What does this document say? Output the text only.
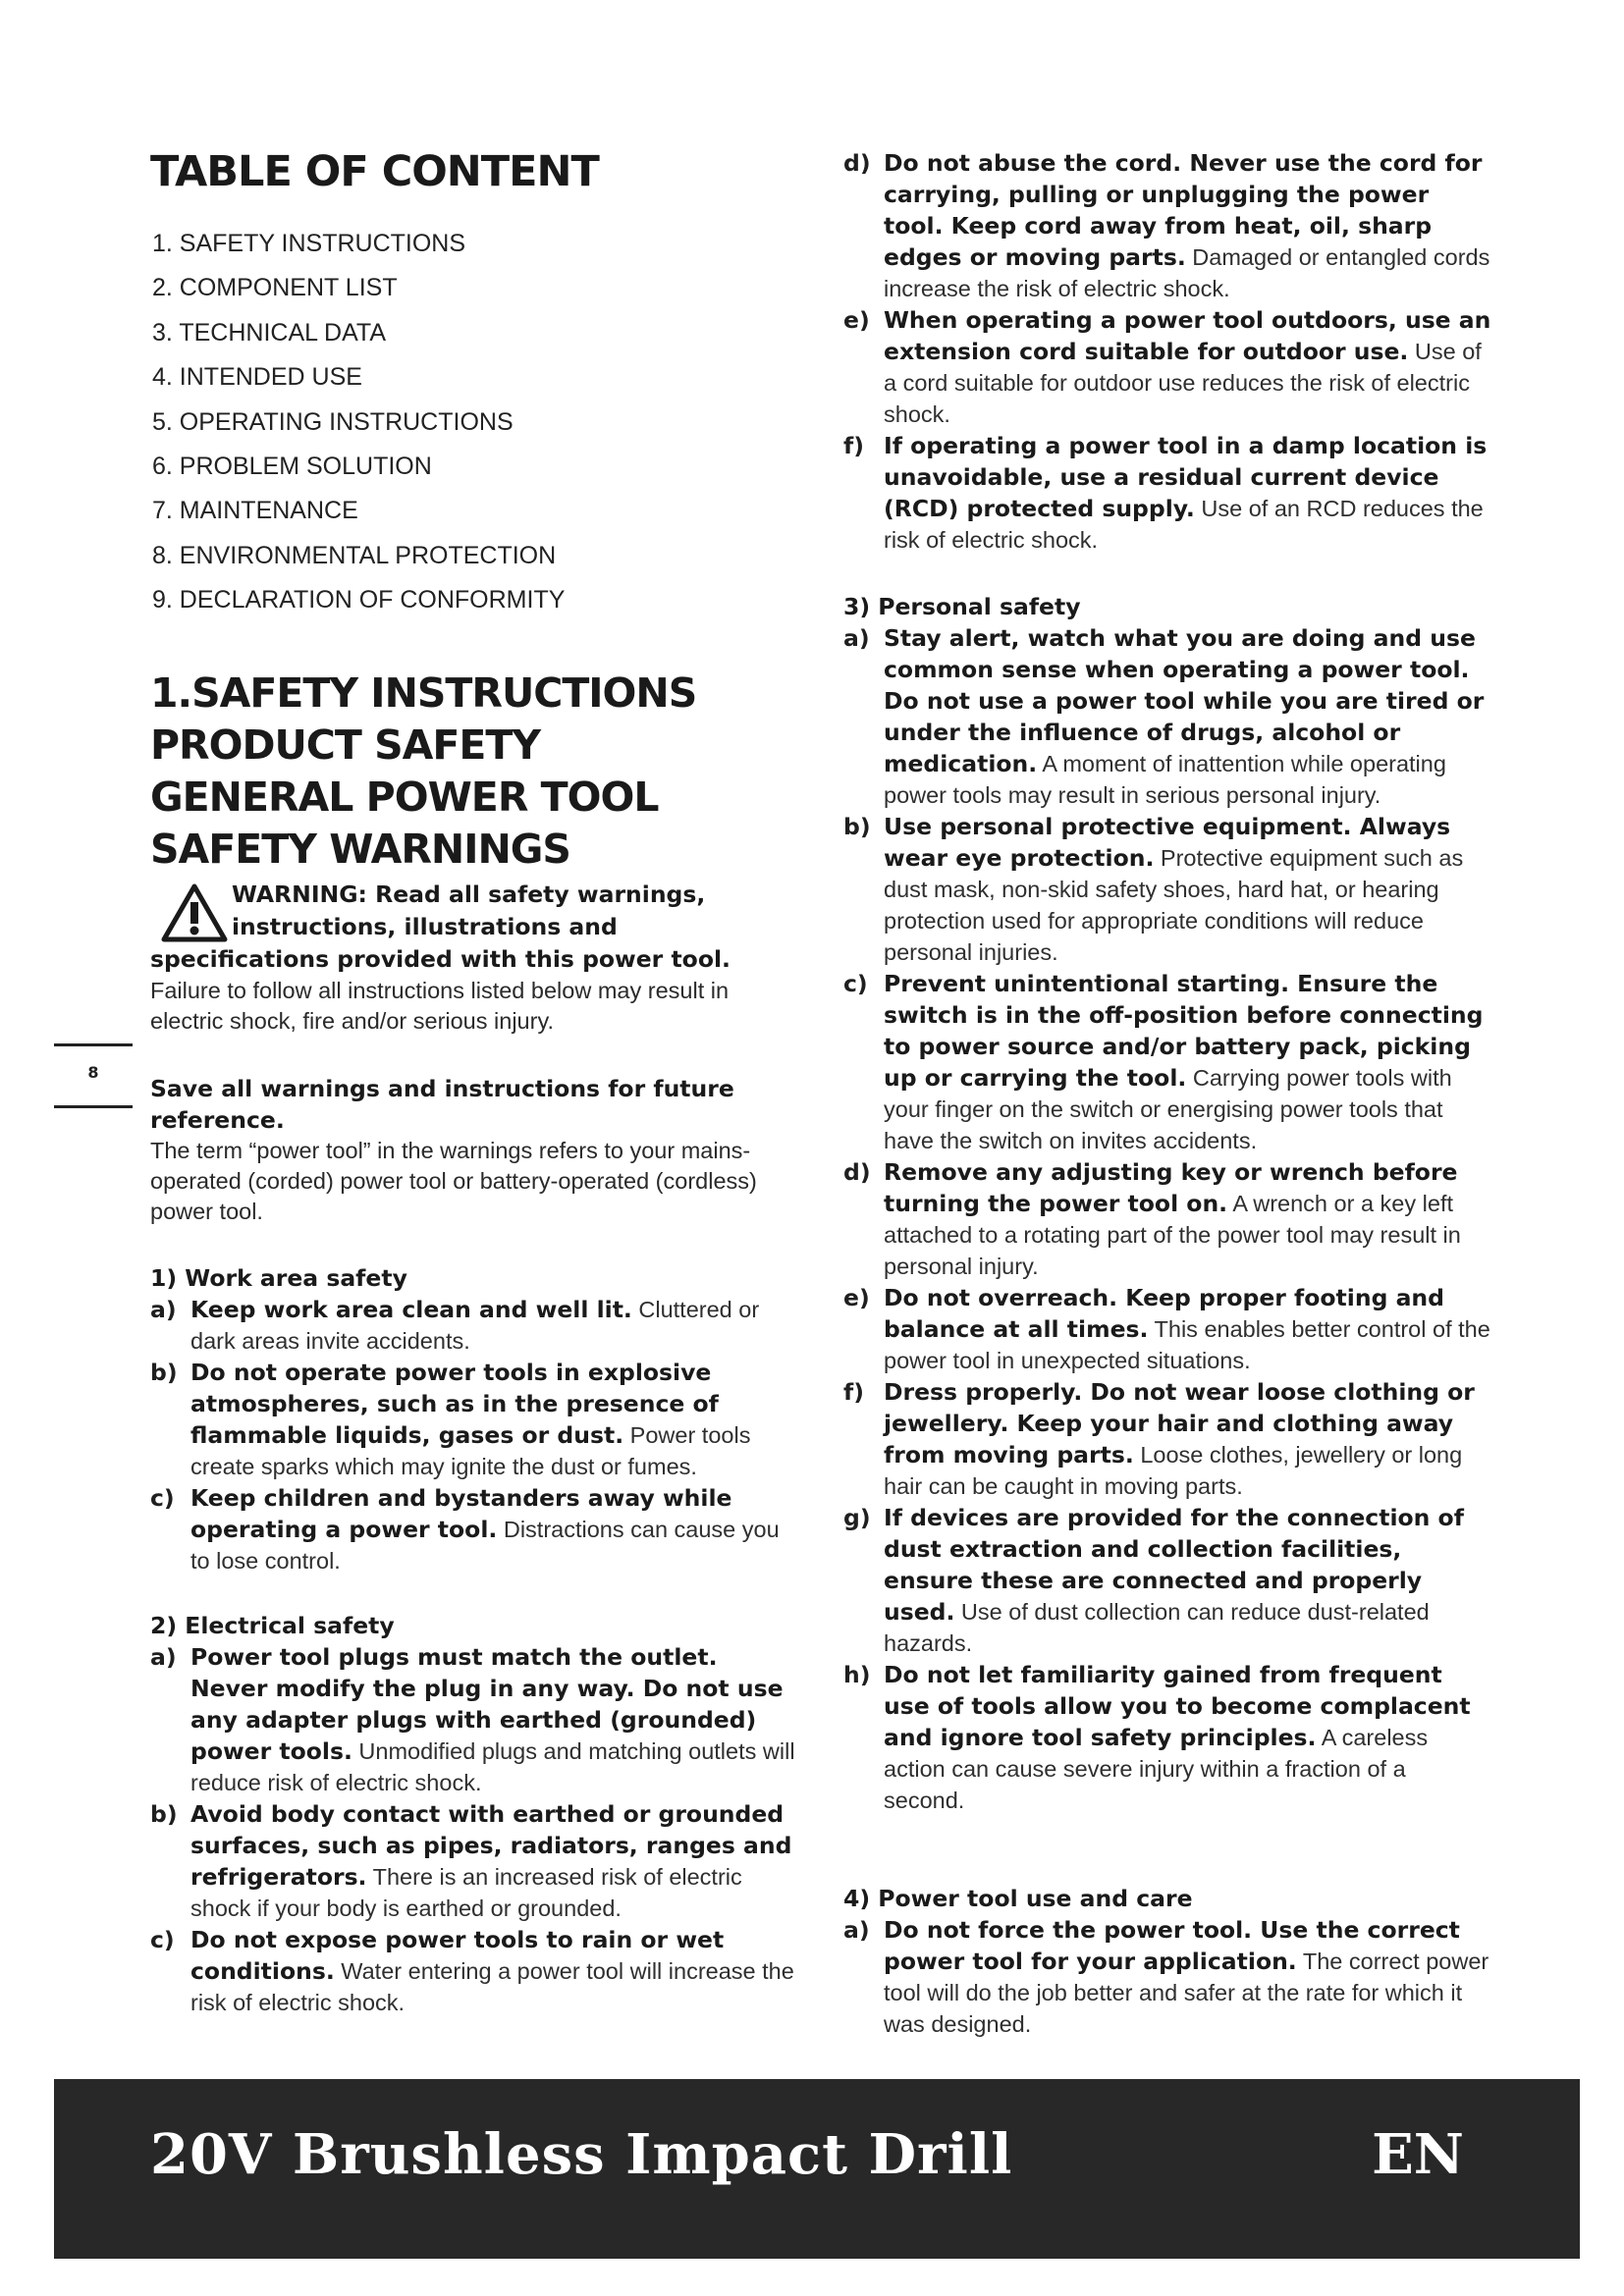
TABLE OF CONTENT
1. SAFETY INSTRUCTIONS
2. COMPONENT LIST
3. TECHNICAL DATA
4. INTENDED USE
5. OPERATING INSTRUCTIONS
6. PROBLEM SOLUTION
7. MAINTENANCE
8. ENVIRONMENTAL PROTECTION
9. DECLARATION OF CONFORMITY
1.SAFETY INSTRUCTIONS
PRODUCT SAFETY
GENERAL POWER TOOL
SAFETY WARNINGS

WARNING: Read all safety warnings,
instructions, illustrations and
specifications provided with this power tool.

Failure to follow all instructions listed below may result in electric shock, fire and/or serious injury.

8

Save all warnings and instructions for future reference.

The term “power tool” in the warnings refers to your mains-operated (corded) power tool or battery-operated (cordless) power tool.

1) Work area safety

a) Keep work area clean and well lit. Cluttered or dark areas invite accidents.

b) Do not operate power tools in explosive atmospheres, such as in the presence of flammable liquids, gases or dust. Power tools create sparks which may ignite the dust or fumes.

c) Keep children and bystanders away while operating a power tool. Distractions can cause you to lose control.

2) Electrical safety

a) Power tool plugs must match the outlet. Never modify the plug in any way. Do not use any adapter plugs with earthed (grounded) power tools. Unmodified plugs and matching outlets will reduce risk of electric shock.

b) Avoid body contact with earthed or grounded surfaces, such as pipes, radiators, ranges and refrigerators. There is an increased risk of electric shock if your body is earthed or grounded.

c) Do not expose power tools to rain or wet conditions. Water entering a power tool will increase the risk of electric shock.

d) Do not abuse the cord. Never use the cord for carrying, pulling or unplugging the power tool. Keep cord away from heat, oil, sharp edges or moving parts. Damaged or entangled cords increase the risk of electric shock.

e) When operating a power tool outdoors, use an extension cord suitable for outdoor use. Use of a cord suitable for outdoor use reduces the risk of electric shock.

f) If operating a power tool in a damp location is unavoidable, use a residual current device (RCD) protected supply. Use of an RCD reduces the risk of electric shock.

3) Personal safety

a) Stay alert, watch what you are doing and use common sense when operating a power tool. Do not use a power tool while you are tired or under the influence of drugs, alcohol or medication. A moment of inattention while operating power tools may result in serious personal injury.

b) Use personal protective equipment. Always wear eye protection. Protective equipment such as dust mask, non-skid safety shoes, hard hat, or hearing protection used for appropriate conditions will reduce personal injuries.

c) Prevent unintentional starting. Ensure the switch is in the off-position before connecting to power source and/or battery pack, picking up or carrying the tool. Carrying power tools with your finger on the switch or energising power tools that have the switch on invites accidents.

d) Remove any adjusting key or wrench before turning the power tool on. A wrench or a key left attached to a rotating part of the power tool may result in personal injury.

e) Do not overreach. Keep proper footing and balance at all times. This enables better control of the power tool in unexpected situations.

f) Dress properly. Do not wear loose clothing or jewellery. Keep your hair and clothing away from moving parts. Loose clothes, jewellery or long hair can be caught in moving parts.

g) If devices are provided for the connection of dust extraction and collection facilities, ensure these are connected and properly used. Use of dust collection can reduce dust-related hazards.

h) Do not let familiarity gained from frequent use of tools allow you to become complacent and ignore tool safety principles. A careless action can cause severe injury within a fraction of a second.

4) Power tool use and care

a) Do not force the power tool. Use the correct power tool for your application. The correct power tool will do the job better and safer at the rate for which it was designed.

20V Brushless Impact Drill	EN
